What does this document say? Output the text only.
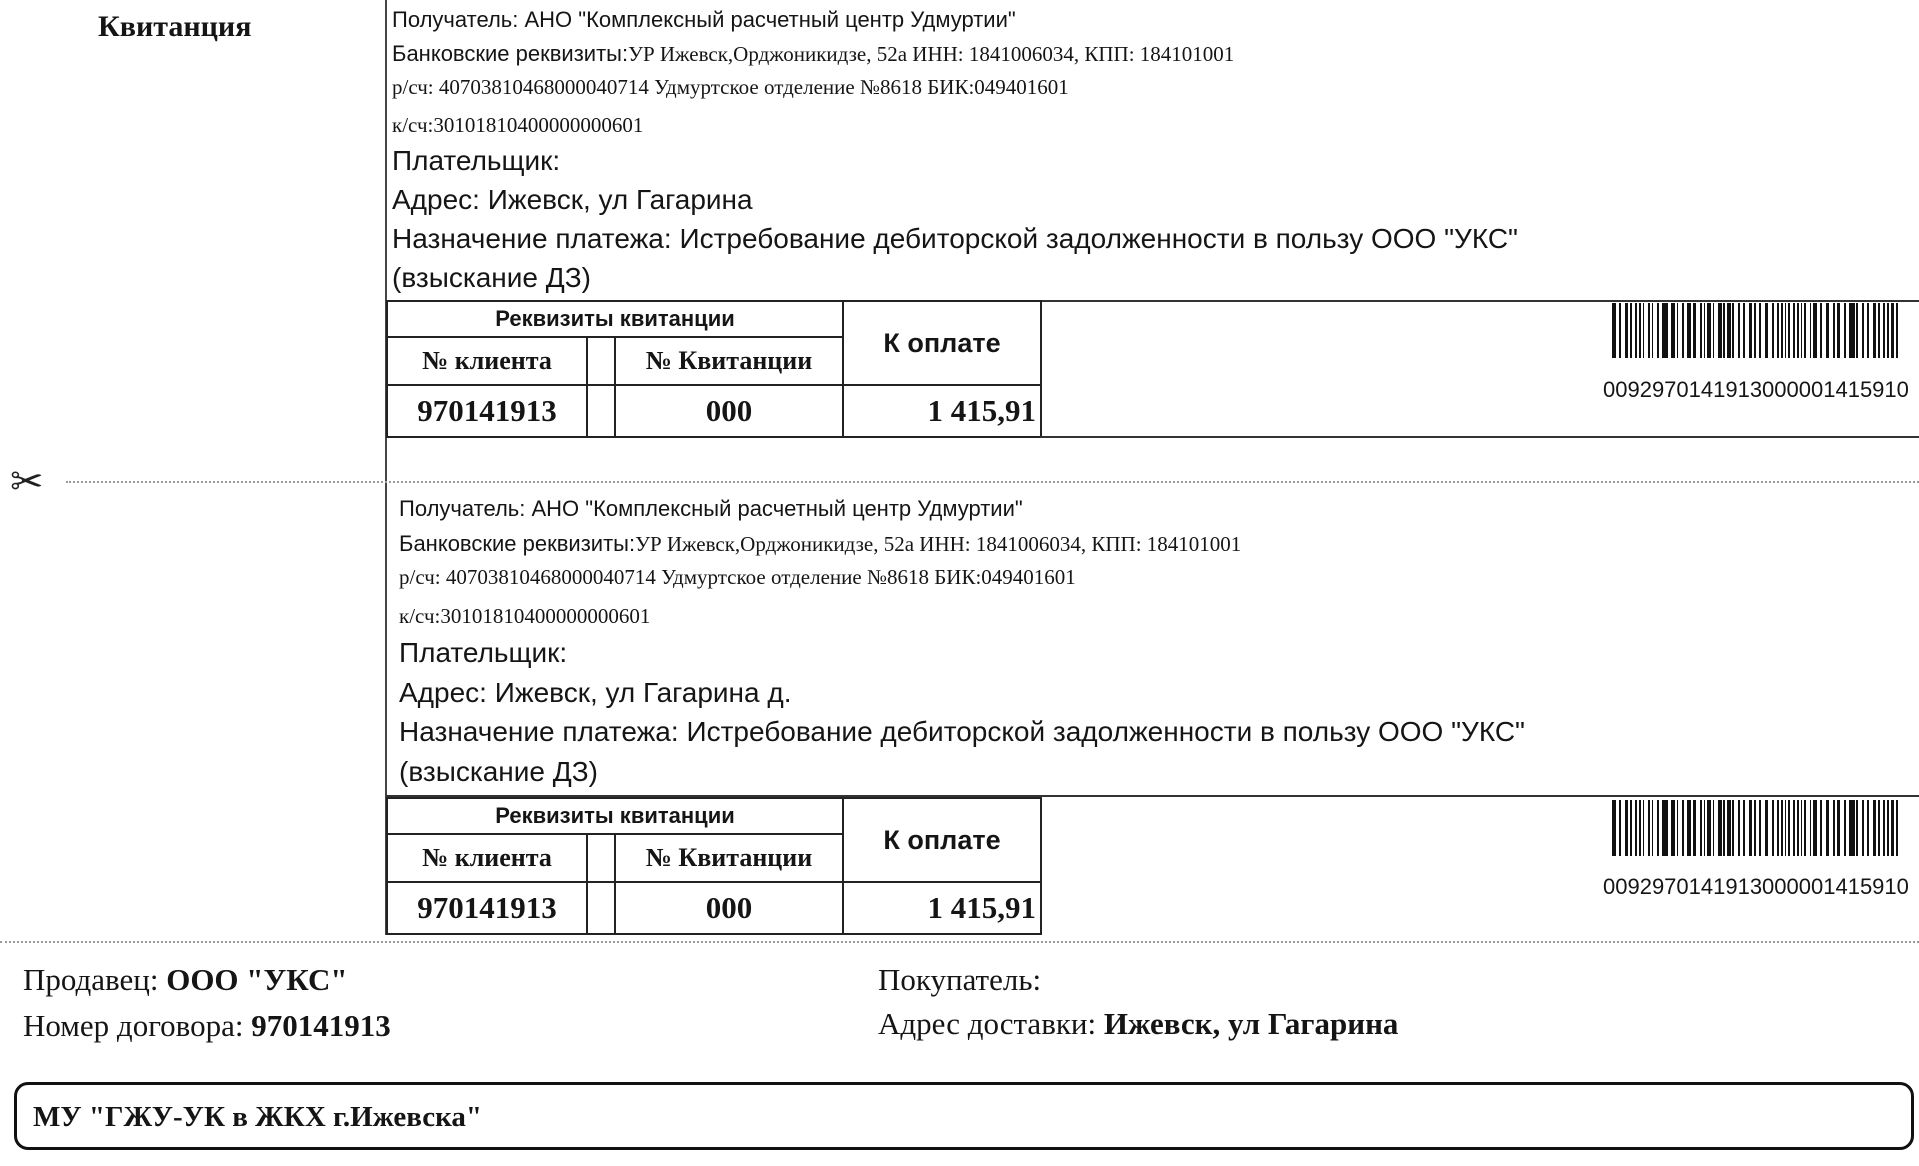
Квитанция	Получатель: АНО "Комплексный расчетный центр Удмуртии"
Банковские реквизиты:УР Ижевск,Орджоникидзе, 52а ИНН: 1841006034, КПП: 184101001
р/сч: 40703810468000040714 Удмуртское отделение №8618 БИК:049401601
к/сч:30101810400000000601
Плательщик:
Адрес: Ижевск, ул Гагарина
Назначение платежа: Истребование дебиторской задолженности в пользу ООО "УКС"
(взыскание ДЗ)
Реквизиты квитанции			К оплате
№ клиента		№ Квитанции	
970141913		000	1 415,91
0092970141913000001415910
✂
Получатель: АНО "Комплексный расчетный центр Удмуртии"
Банковские реквизиты:УР Ижевск,Орджоникидзе, 52а ИНН: 1841006034, КПП: 184101001
р/сч: 40703810468000040714 Удмуртское отделение №8618 БИК:049401601
к/сч:30101810400000000601
Плательщик:
Адрес: Ижевск, ул Гагарина д.
Назначение платежа: Истребование дебиторской задолженности в пользу ООО "УКС"
(взыскание ДЗ)
Реквизиты квитанции			К оплате
№ клиента		№ Квитанции	
970141913		000	1 415,91
0092970141913000001415910
Продавец: ООО "УКС"
Номер договора: 970141913
Покупатель:
Адрес доставки: Ижевск, ул Гагарина
МУ "ГЖУ-УК в ЖКХ г.Ижевска"
